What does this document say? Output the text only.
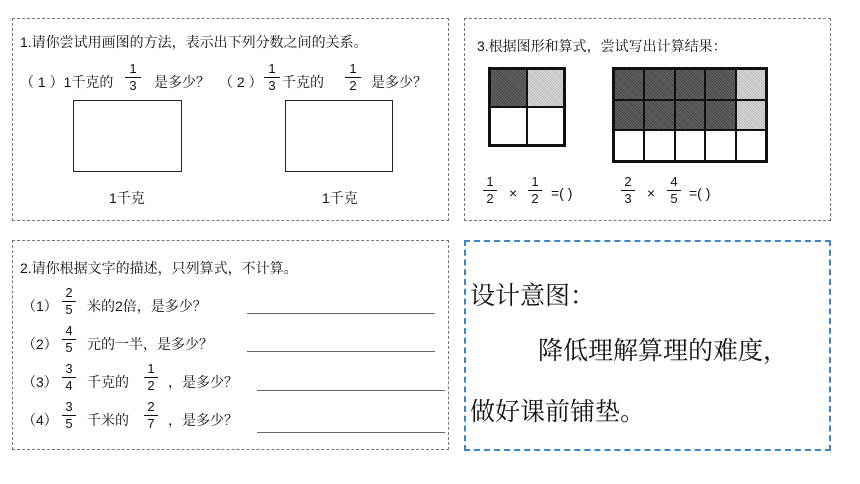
1.请你尝试用画图的方法，表示出下列分数之间的关系。
（ 1 ）1千克的
1
3	是多少？ （ 2 ）
1
3 千克的
1
2	是多少？
1千克	1千克
2.请你根据文字的描述，只列算式，不计算。
（1）
2
5 米的2倍，是多少？
（2）
4
5 元的一半，是多少？
（3）
3
4 千克的
1
2 ，是多少？
（4）
3
5 千米的
2
7 ，是多少？
3.根据图形和算式，尝试写出计算结果：
1
2 ×
1
2 =( )
2
3 ×
4
5 =( )
设计意图：
降低理解算理的难度，
做好课前铺垫。
